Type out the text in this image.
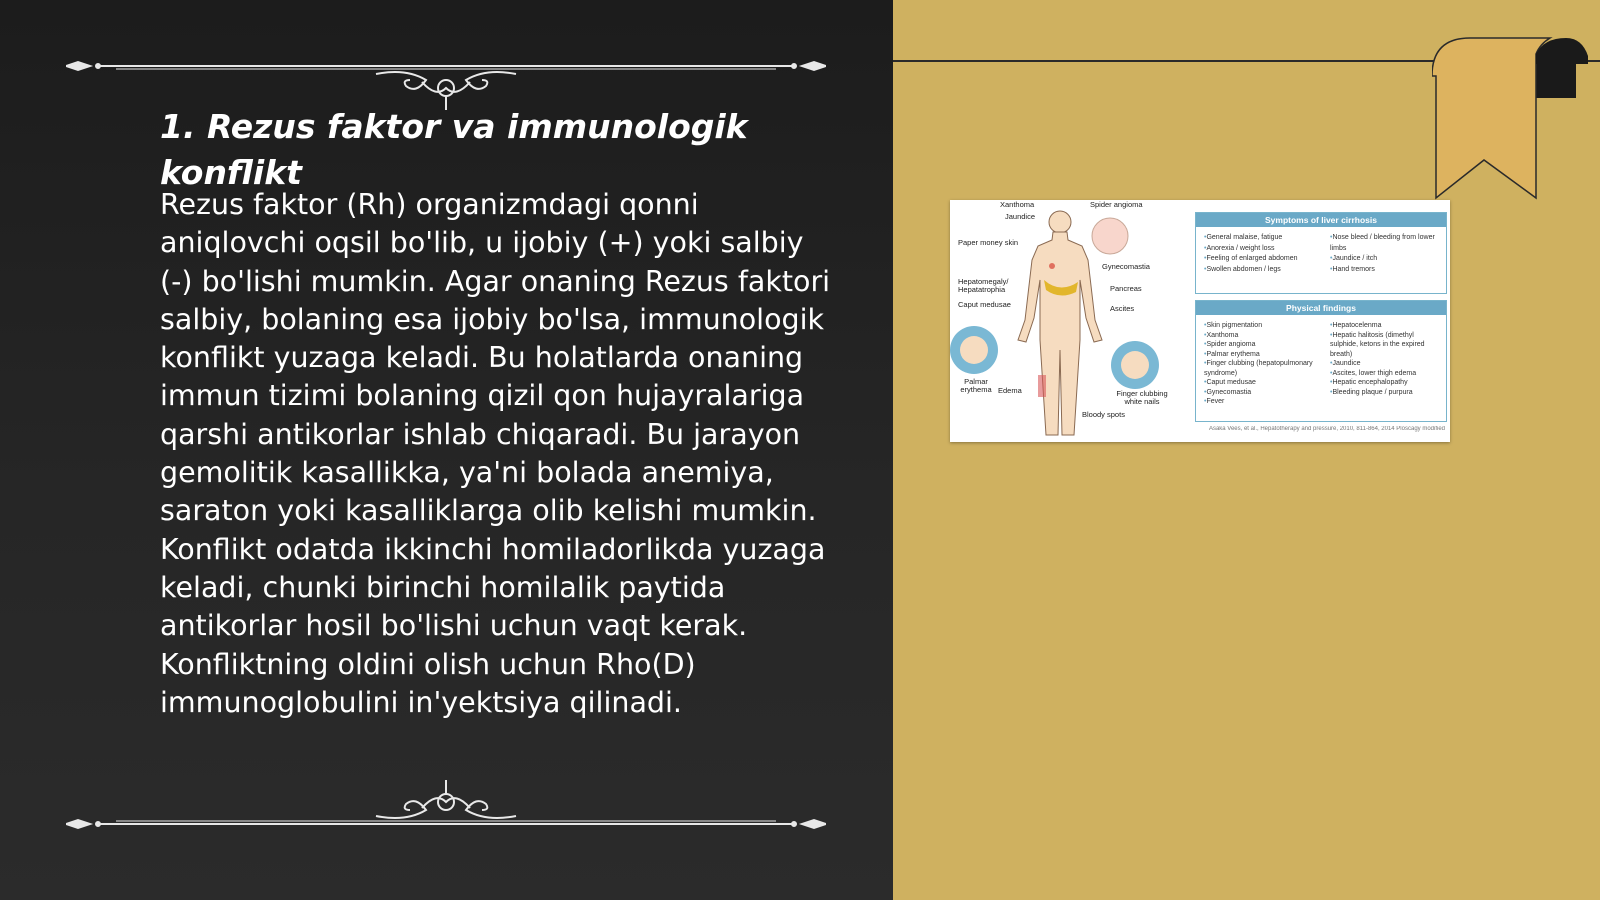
1. Rezus faktor va immunologik konflikt

Rezus faktor (Rh) organizmdagi qonni aniqlovchi oqsil bo'lib, u ijobiy (+) yoki salbiy (-) bo'lishi mumkin. Agar onaning Rezus faktori salbiy, bolaning esa ijobiy bo'lsa, immunologik konflikt yuzaga keladi. Bu holatlarda onaning immun tizimi bolaning qizil qon hujayralariga qarshi antikorlar ishlab chiqaradi. Bu jarayon gemolitik kasallikka, ya'ni bolada anemiya, saraton yoki kasalliklarga olib kelishi mumkin. Konflikt odatda ikkinchi homiladorlikda yuzaga keladi, chunki birinchi homilalik paytida antikorlar hosil bo'lishi uchun vaqt kerak. Konfliktning oldini olish uchun Rho(D) immunoglobulini in'yektsiya qilinadi.

Xanthoma
Jaundice
Spider angioma
Paper money skin
Gynecomastia
Hepatomegaly/ Hepatatrophia
Caput medusae
Pancreas
Ascites
Palmar erythema Edema	Finger clubbing white nails
Bloody spots
Symptoms of liver cirrhosis
• General malaise, fatigue
• Anorexia / weight loss
• Feeling of enlarged abdomen
• Swollen abdomen / legs
• Nose bleed / bleeding from lower limbs
• Jaundice / itch
• Hand tremors
Physical findings
• Skin pigmentation
• Xanthoma
• Spider angioma
• Palmar erythema
• Finger clubbing (hepatopulmonary syndrome)
• Caput medusae
• Gynecomastia
• Fever
• Hepatocelenma
• Hepatic halitosis (dimethyl sulphide, ketons in the expired breath)
• Jaundice
• Ascites, lower thigh edema
• Hepatic encephalopathy
• Bleeding plaque / purpura
Asaka Vees, et al., Hepatotherapy and pressure, 2010, 811-864, 2014 Ploscagy modified
